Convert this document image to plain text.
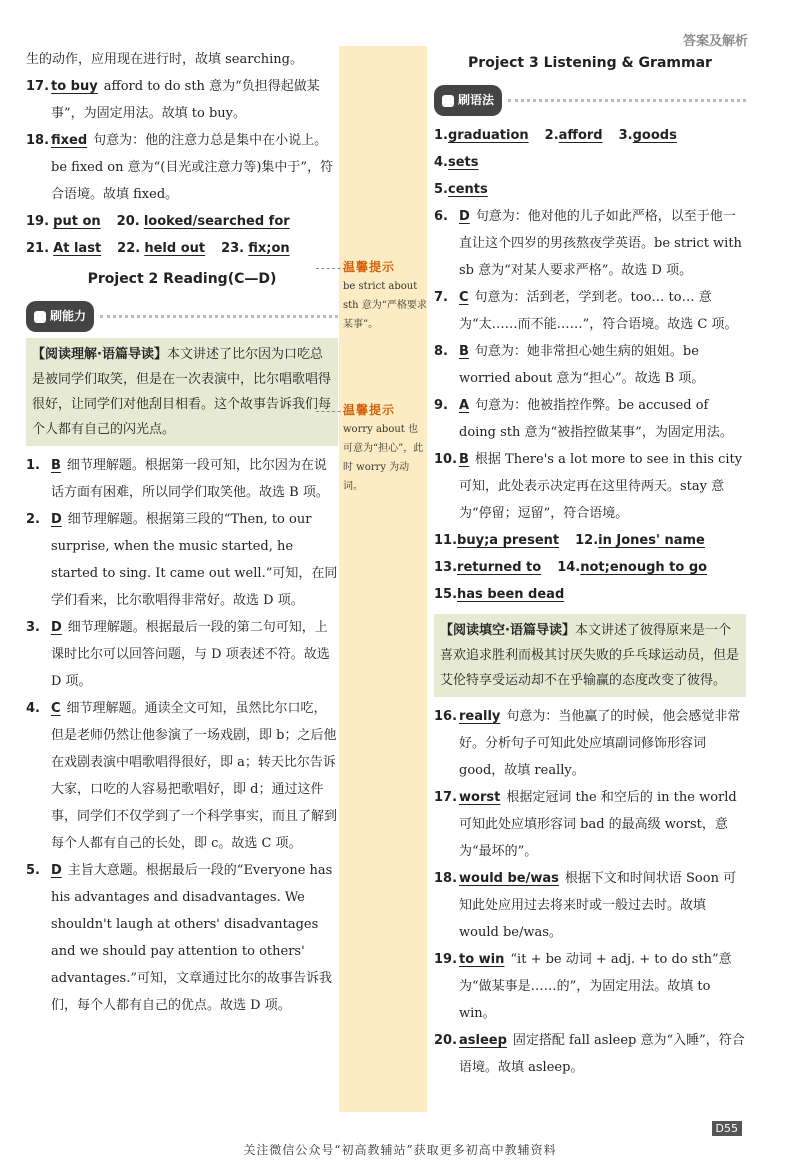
答案及解析
生的动作，应用现在进行时，故填 searching。
17. to buy afford to do sth 意为“负担得起做某事”，为固定用法。故填 to buy。
18. fixed 句意为：他的注意力总是集中在小说上。be fixed on 意为“(目光或注意力等)集中于”，符合语境。故填 fixed。
19. put on	20. looked/searched for
21. At last	22. held out	23. fix;on
Project 2 Reading(C—D)
刷能力
【阅读理解·语篇导读】本文讲述了比尔因为口吃总是被同学们取笑，但是在一次表演中，比尔唱歌唱得很好，让同学们对他刮目相看。这个故事告诉我们每个人都有自己的闪光点。
1. B 细节理解题。根据第一段可知，比尔因为在说话方面有困难，所以同学们取笑他。故选 B 项。
2. D 细节理解题。根据第三段的“Then, to our surprise, when the music started, he started to sing. It came out well.”可知，在同学们看来，比尔歌唱得非常好。故选 D 项。
3. D 细节理解题。根据最后一段的第二句可知，上课时比尔可以回答问题，与 D 项表述不符。故选 D 项。
4. C 细节理解题。通读全文可知，虽然比尔口吃，但是老师仍然让他参演了一场戏剧，即 b；之后他在戏剧表演中唱歌唱得很好，即 a；转天比尔告诉大家，口吃的人容易把歌唱好，即 d；通过这件事，同学们不仅学到了一个科学事实，而且了解到每个人都有自己的长处，即 c。故选 C 项。
5. D 主旨大意题。根据最后一段的“Everyone has his advantages and disadvantages. We shouldn't laugh at others' disadvantages and we should pay attention to others' advantages.”可知，文章通过比尔的故事告诉我们，每个人都有自己的优点。故选 D 项。
温馨提示
be strict about sth 意为“严格要求某事”。
温馨提示
worry about 也可意为“担心”，此时 worry 为动词。
Project 3 Listening & Grammar
刷语法
1.graduation	2.afford	3.goods
4.sets
5.cents
6. D 句意为：他对他的儿子如此严格，以至于他一直让这个四岁的男孩熬夜学英语。be strict with sb 意为“对某人要求严格”。故选 D 项。
7. C 句意为：活到老，学到老。too… to… 意为“太……而不能……”，符合语境。故选 C 项。
8. B 句意为：她非常担心她生病的姐姐。be worried about 意为“担心”。故选 B 项。
9. A 句意为：他被指控作弊。be accused of doing sth 意为“被指控做某事”，为固定用法。
10. B 根据 There's a lot more to see in this city 可知，此处表示决定再在这里待两天。stay 意为“停留；逗留”，符合语境。
11.buy;a present	12.in Jones' name
13.returned to	14.not;enough to go
15.has been dead
【阅读填空·语篇导读】本文讲述了彼得原来是一个喜欢追求胜利而极其讨厌失败的乒乓球运动员，但是艾伦特享受运动却不在乎输赢的态度改变了彼得。
16. really 句意为：当他赢了的时候，他会感觉非常好。分析句子可知此处应填副词修饰形容词 good，故填 really。
17. worst 根据定冠词 the 和空后的 in the world 可知此处应填形容词 bad 的最高级 worst，意为“最坏的”。
18. would be/was 根据下文和时间状语 Soon 可知此处应用过去将来时或一般过去时。故填 would be/was。
19. to win “it + be 动词 + adj. + to do sth”意为“做某事是……的”，为固定用法。故填 to win。
20. asleep 固定搭配 fall asleep 意为“入睡”，符合语境。故填 asleep。
D55
关注微信公众号“初高教辅站”获取更多初高中教辅资料
